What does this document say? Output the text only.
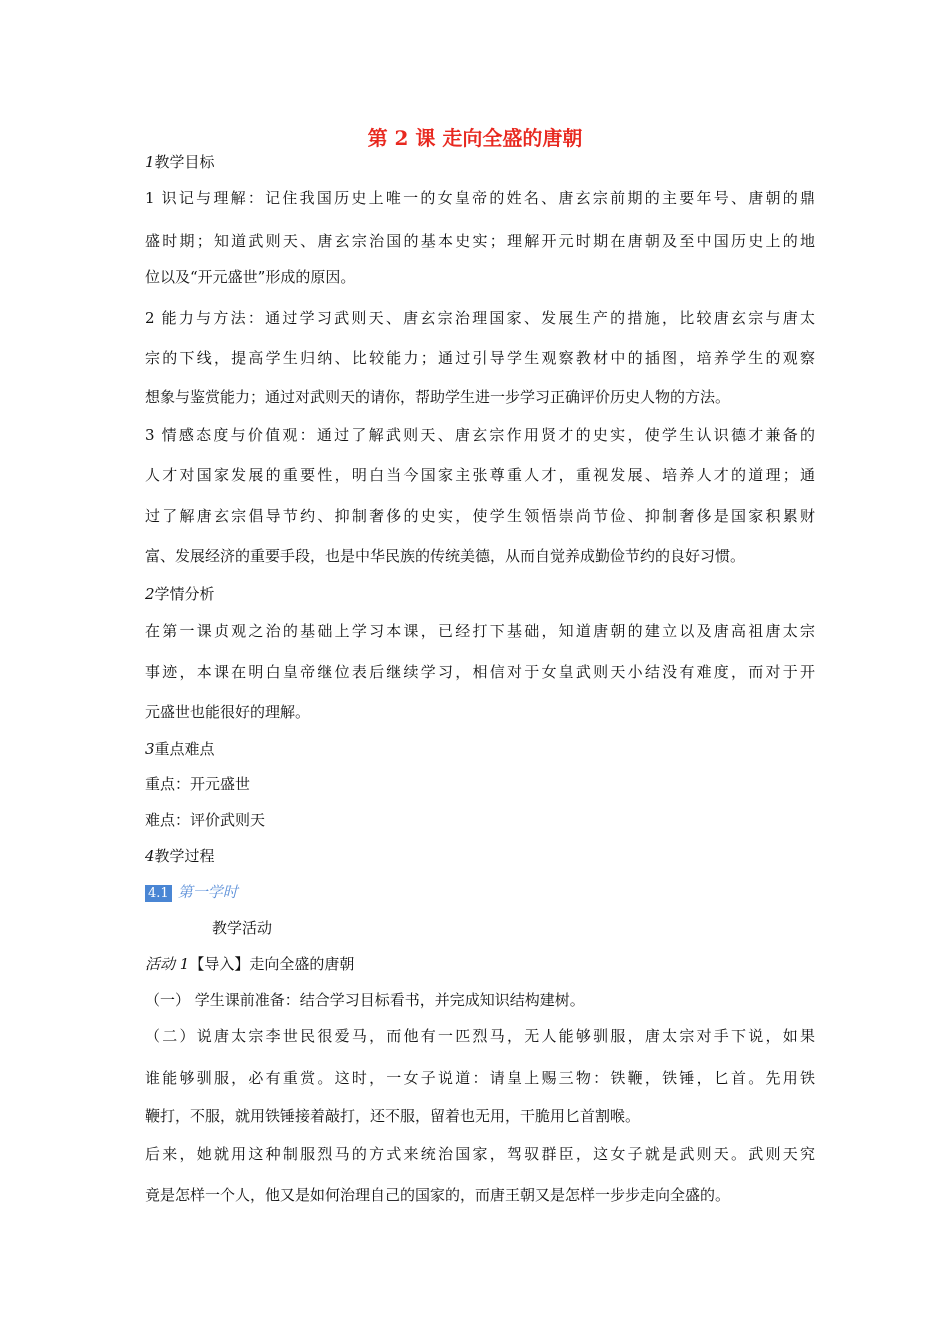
第 2 课 走向全盛的唐朝
1教学目标
1 识记与理解：记住我国历史上唯一的女皇帝的姓名、唐玄宗前期的主要年号、唐朝的鼎
盛时期；知道武则天、唐玄宗治国的基本史实；理解开元时期在唐朝及至中国历史上的地
位以及“开元盛世”形成的原因。
2 能力与方法：通过学习武则天、唐玄宗治理国家、发展生产的措施，比较唐玄宗与唐太
宗的下线，提高学生归纳、比较能力；通过引导学生观察教材中的插图，培养学生的观察
想象与鉴赏能力；通过对武则天的请你，帮助学生进一步学习正确评价历史人物的方法。
3 情感态度与价值观：通过了解武则天、唐玄宗作用贤才的史实，使学生认识德才兼备的
人才对国家发展的重要性，明白当今国家主张尊重人才，重视发展、培养人才的道理；通
过了解唐玄宗倡导节约、抑制奢侈的史实，使学生领悟崇尚节俭、抑制奢侈是国家积累财
富、发展经济的重要手段，也是中华民族的传统美德，从而自觉养成勤俭节约的良好习惯。
2学情分析
在第一课贞观之治的基础上学习本课，已经打下基础，知道唐朝的建立以及唐高祖唐太宗
事迹，本课在明白皇帝继位表后继续学习，相信对于女皇武则天小结没有难度，而对于开
元盛世也能很好的理解。
3重点难点
重点：开元盛世
难点：评价武则天
4教学过程
4.1 第一学时
教学活动
活动 1【导入】走向全盛的唐朝
（一） 学生课前准备：结合学习目标看书，并完成知识结构建树。
（二）说唐太宗李世民很爱马，而他有一匹烈马，无人能够驯服，唐太宗对手下说，如果
谁能够驯服，必有重赏。这时，一女子说道：请皇上赐三物：铁鞭，铁锤，匕首。先用铁
鞭打，不服，就用铁锤接着敲打，还不服，留着也无用，干脆用匕首割喉。
后来，她就用这种制服烈马的方式来统治国家，驾驭群臣，这女子就是武则天。武则天究
竟是怎样一个人，他又是如何治理自己的国家的，而唐王朝又是怎样一步步走向全盛的。
